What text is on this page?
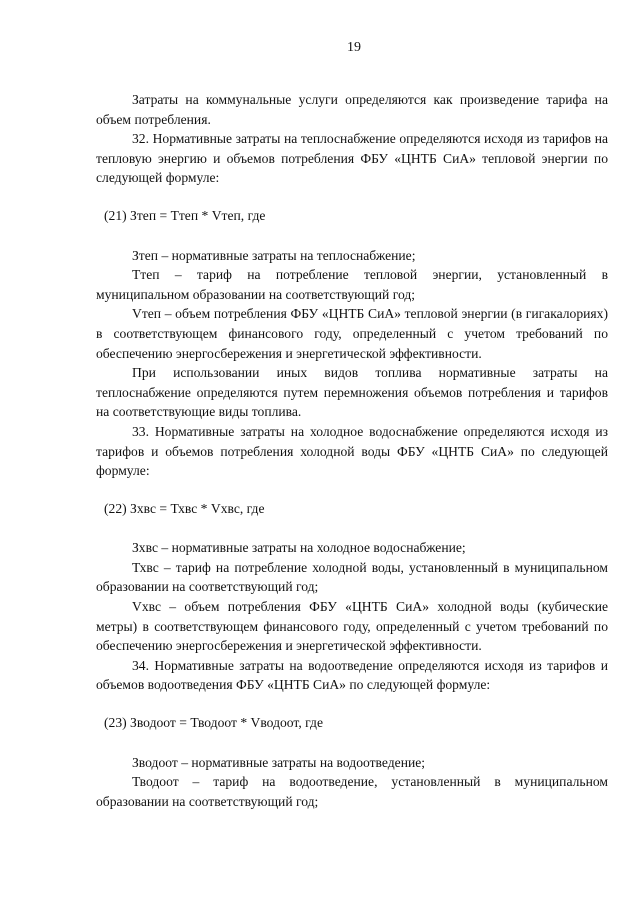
19

Затраты на коммунальные услуги определяются как произведение тарифа на объем потребления.

32. Нормативные затраты на теплоснабжение определяются исходя из тарифов на тепловую энергию и объемов потребления ФБУ «ЦНТБ СиА» тепловой энергии по следующей формуле:

(21) Зтеп = Ттеп * Vтеп, где

Зтеп – нормативные затраты на теплоснабжение;

Ттеп – тариф на потребление тепловой энергии, установленный в муниципальном образовании на соответствующий год;

Vтеп – объем потребления ФБУ «ЦНТБ СиА» тепловой энергии (в гигакалориях) в соответствующем финансового году, определенный с учетом требований по обеспечению энергосбережения и энергетической эффективности.

При использовании иных видов топлива нормативные затраты на теплоснабжение определяются путем перемножения объемов потребления и тарифов на соответствующие виды топлива.

33. Нормативные затраты на холодное водоснабжение определяются исходя из тарифов и объемов потребления холодной воды ФБУ «ЦНТБ СиА» по следующей формуле:

(22) Зхвс = Тхвс * Vхвс, где

Зхвс – нормативные затраты на холодное водоснабжение;

Тхвс – тариф на потребление холодной воды, установленный в муниципальном образовании на соответствующий год;

Vхвс – объем потребления ФБУ «ЦНТБ СиА» холодной воды (кубические метры) в соответствующем финансового году, определенный с учетом требований по обеспечению энергосбережения и энергетической эффективности.

34. Нормативные затраты на водоотведение определяются исходя из тарифов и объемов водоотведения ФБУ «ЦНТБ СиА» по следующей формуле:

(23) Зводоот = Тводоот * Vводоот, где

Зводоот – нормативные затраты на водоотведение;

Тводоот – тариф на водоотведение, установленный в муниципальном образовании на соответствующий год;
